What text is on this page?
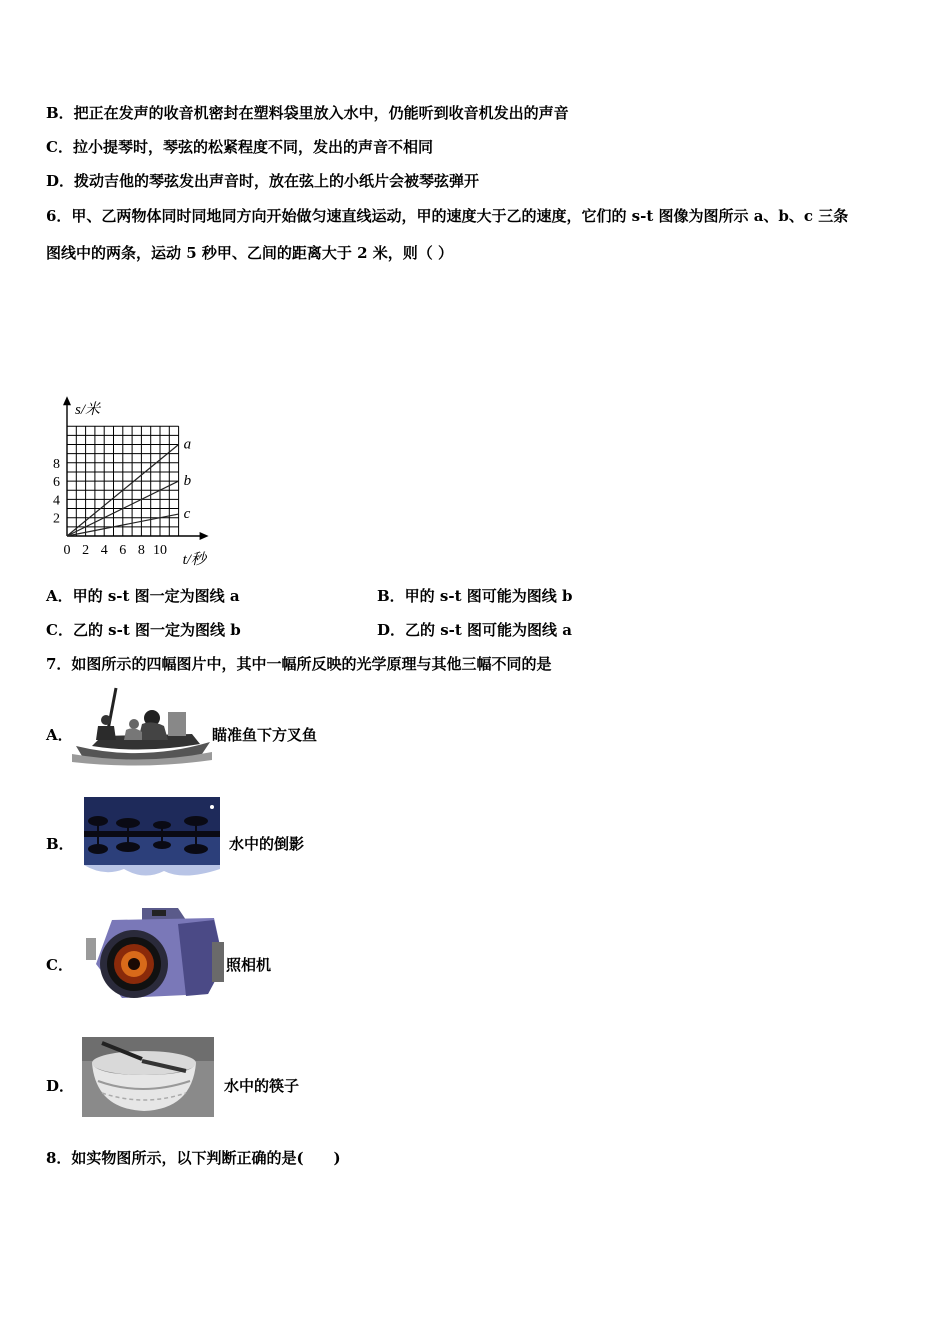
B．把正在发声的收音机密封在塑料袋里放入水中，仍能听到收音机发出的声音
C．拉小提琴时，琴弦的松紧程度不同，发出的声音不相同
D．拨动吉他的琴弦发出声音时，放在弦上的小纸片会被琴弦弹开
6．甲、乙两物体同时同地同方向开始做匀速直线运动，甲的速度大于乙的速度，它们的 s-t 图像为图所示 a、b、c 三条
图线中的两条，运动 5 秒甲、乙间的距离大于 2 米，则（ ）
0 2 4 6 8 10
2
4
6
8
s/米
t/秒
a
b
c
A．甲的 s-t 图一定为图线 a	B．甲的 s-t 图可能为图线 b
C．乙的 s-t 图一定为图线 b	D．乙的 s-t 图可能为图线 a
7．如图所示的四幅图片中，其中一幅所反映的光学原理与其他三幅不同的是
A．	瞄准鱼下方叉鱼
B．	水中的倒影
C．	照相机
D．	水中的筷子
8．如实物图所示，以下判断正确的是(　　)
